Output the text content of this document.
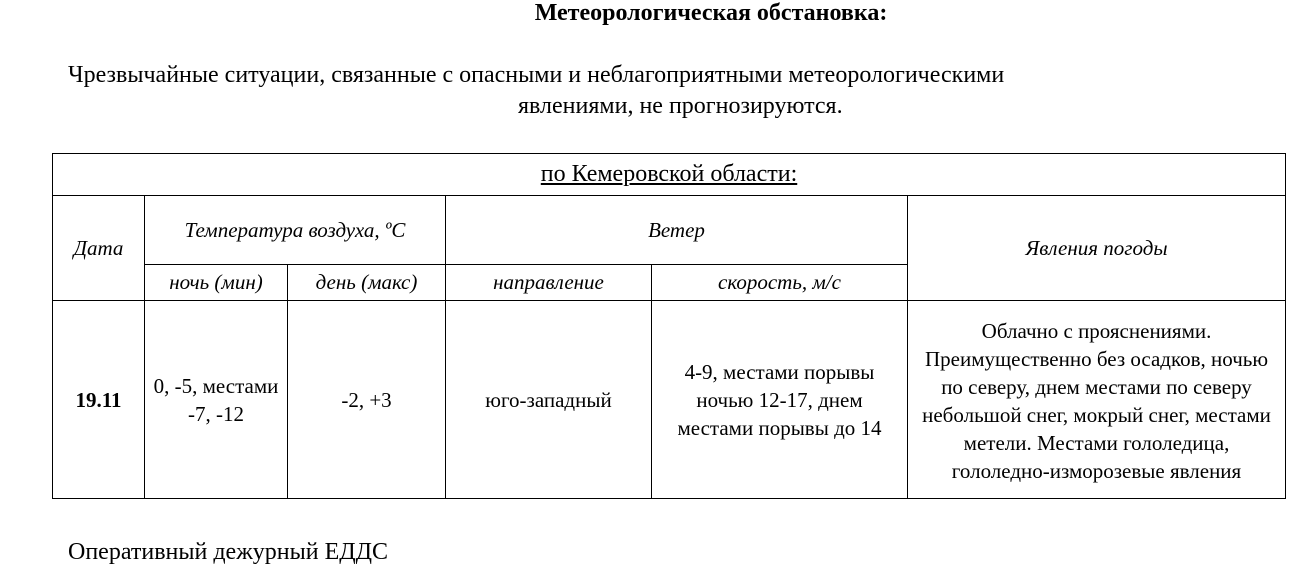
Метеорологическая обстановка:
Чрезвычайные ситуации, связанные с опасными и неблагоприятными метеорологическими
явлениями, не прогнозируются.
по Кемеровской области:					
Дата	Температура воздуха, ºС		Ветер		Явления погоды
	ночь (мин)	день (макс)	направление	скорость, м/с	
19.11	0, -5, местами -7, -12	-2, +3	юго-западный	4-9, местами порывы ночью 12-17, днем местами порывы до 14	Облачно с прояснениями. Преимущественно без осадков, ночью по северу, днем местами по северу небольшой снег, мокрый снег, местами метели. Местами гололедица, гололедно-изморозевые явления
Оперативный дежурный ЕДДС
